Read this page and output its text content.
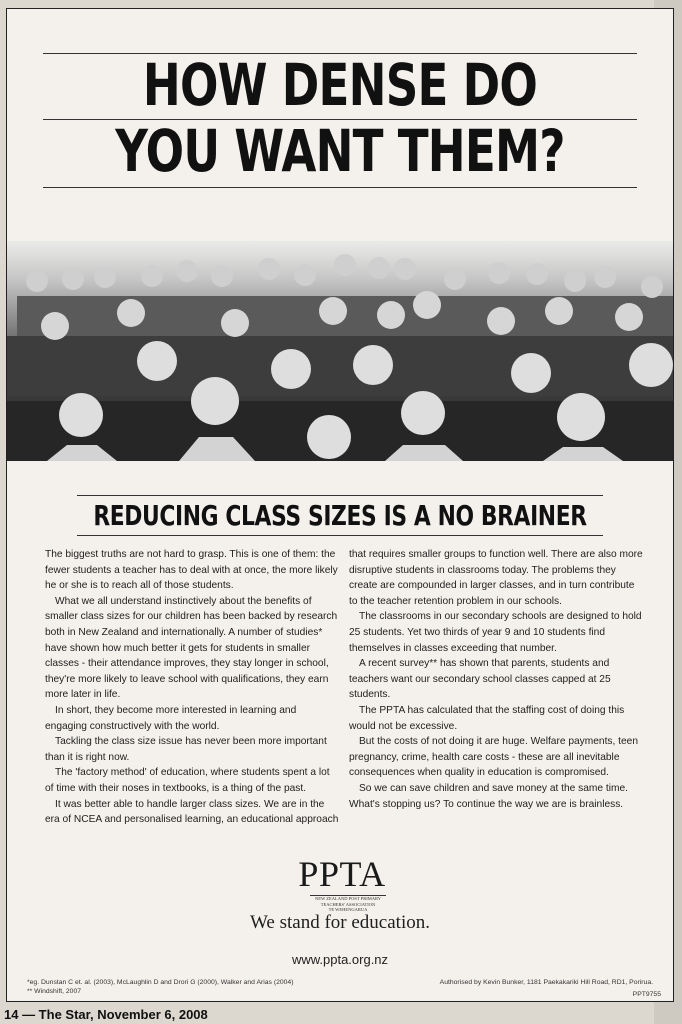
HOW DENSE DO
YOU WANT THEM?
REDUCING CLASS SIZES IS A NO BRAINER

The biggest truths are not hard to grasp. This is one of them: the fewer students a teacher has to deal with at once, the more likely he or she is to reach all of those students.

What we all understand instinctively about the benefits of smaller class sizes for our children has been backed by research both in New Zealand and internationally. A number of studies* have shown how much better it gets for students in smaller classes - their attendance improves, they stay longer in school, they're more likely to leave school with qualifications, they earn more later in life.

In short, they become more interested in learning and engaging constructively with the world.

Tackling the class size issue has never been more important than it is right now.

The 'factory method' of education, where students spent a lot of time with their noses in textbooks, is a thing of the past.

It was better able to handle larger class sizes. We are in the era of NCEA and personalised learning, an educational approach

that requires smaller groups to function well. There are also more disruptive students in classrooms today. The problems they create are compounded in larger classes, and in turn contribute to the teacher retention problem in our schools.

The classrooms in our secondary schools are designed to hold 25 students. Yet two thirds of year 9 and 10 students find themselves in classes exceeding that number.

A recent survey** has shown that parents, students and teachers want our secondary school classes capped at 25 students.

The PPTA has calculated that the staffing cost of doing this would not be excessive.

But the costs of not doing it are huge. Welfare payments, teen pregnancy, crime, health care costs - these are all inevitable consequences when quality in education is compromised.

So we can save children and save money at the same time. What's stopping us? To continue the way we are is brainless.

PPTA
NEW ZEALAND POST PRIMARY
TEACHERS' ASSOCIATION
TE WEHENGARUA
We stand for education.
www.ppta.org.nz
*eg. Dunstan C et. al. (2003), McLaughlin D and Drori G (2000), Walker and Arias (2004)
** Windshift, 2007
Authorised by Kevin Bunker, 1181 Paekakariki Hill Road, RD1, Porirua.
PPT9755
14 — The Star, November 6, 2008
